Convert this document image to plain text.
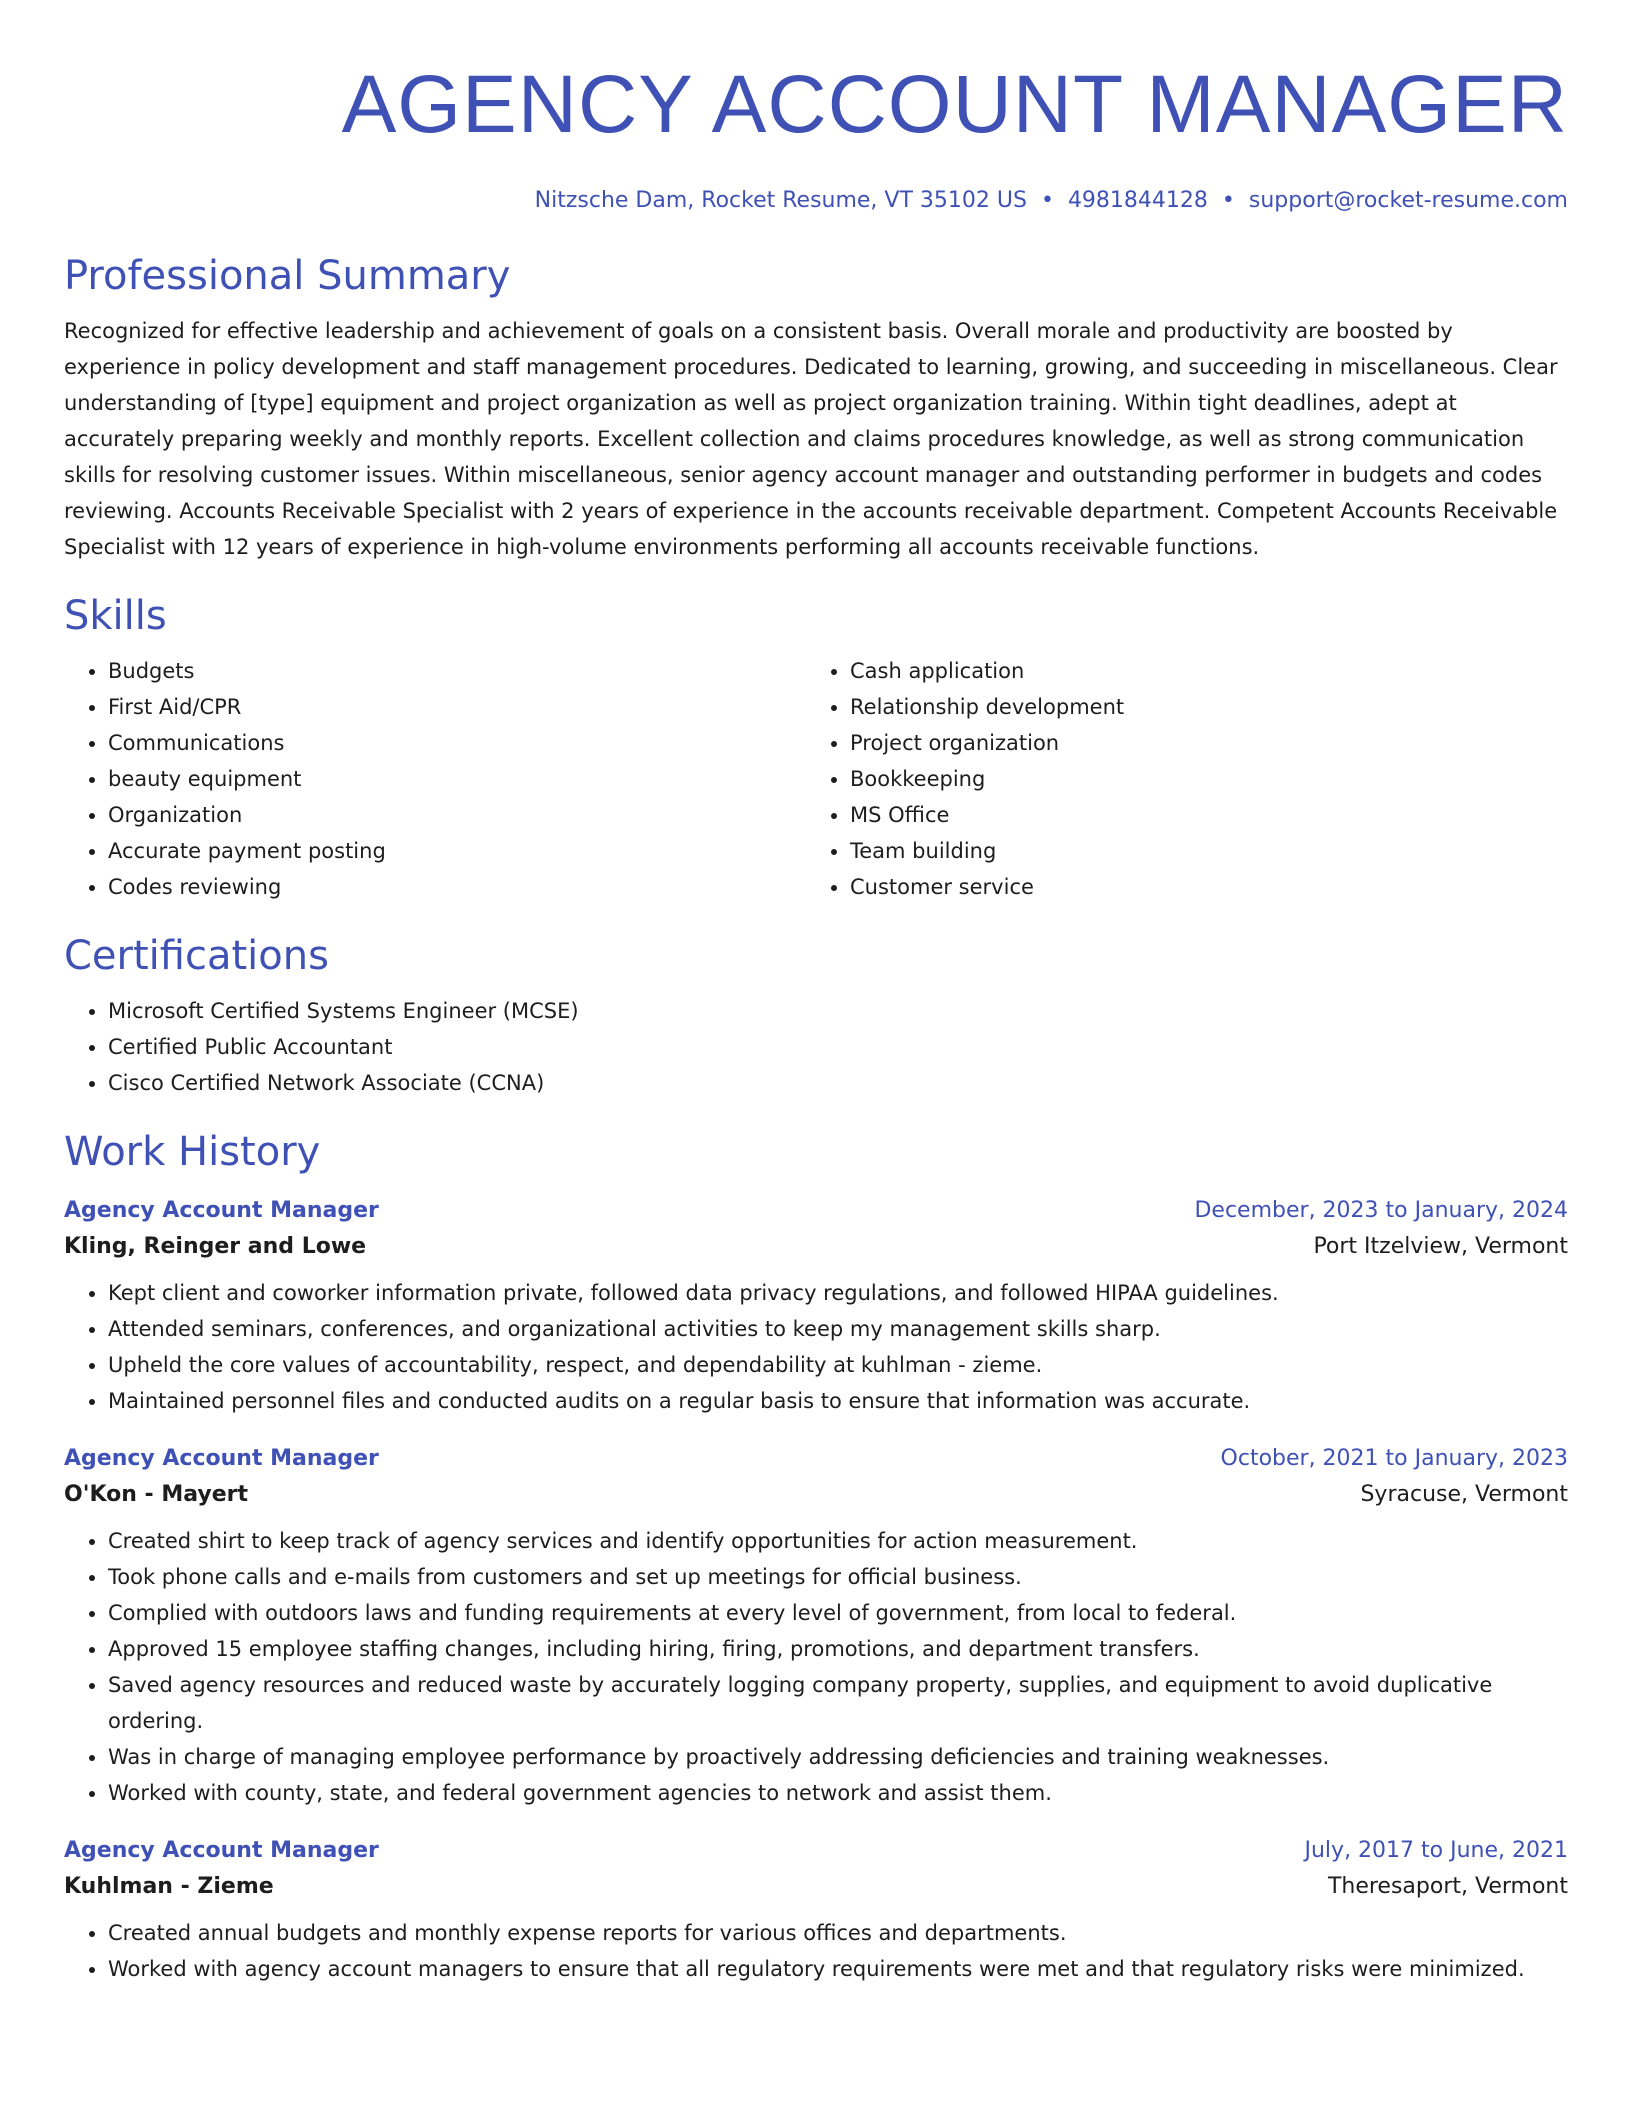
AGENCY ACCOUNT MANAGER
Nitzsche Dam, Rocket Resume, VT 35102 US • 4981844128 • support@rocket-resume.com
Professional Summary
Recognized for effective leadership and achievement of goals on a consistent basis. Overall morale and productivity are boosted by experience in policy development and staff management procedures. Dedicated to learning, growing, and succeeding in miscellaneous. Clear understanding of [type] equipment and project organization as well as project organization training. Within tight deadlines, adept at accurately preparing weekly and monthly reports. Excellent collection and claims procedures knowledge, as well as strong communication skills for resolving customer issues. Within miscellaneous, senior agency account manager and outstanding performer in budgets and codes reviewing. Accounts Receivable Specialist with 2 years of experience in the accounts receivable department. Competent Accounts Receivable Specialist with 12 years of experience in high-volume environments performing all accounts receivable functions.
Skills
• Budgets
• First Aid/CPR
• Communications
• beauty equipment
• Organization
• Accurate payment posting
• Codes reviewing
• Cash application
• Relationship development
• Project organization
• Bookkeeping
• MS Office
• Team building
• Customer service
Certifications
• Microsoft Certified Systems Engineer (MCSE)
• Certified Public Accountant
• Cisco Certified Network Associate (CCNA)
Work History
Agency Account Manager	December, 2023 to January, 2024
Kling, Reinger and Lowe	Port Itzelview, Vermont
• Kept client and coworker information private, followed data privacy regulations, and followed HIPAA guidelines.
• Attended seminars, conferences, and organizational activities to keep my management skills sharp.
• Upheld the core values of accountability, respect, and dependability at kuhlman - zieme.
• Maintained personnel files and conducted audits on a regular basis to ensure that information was accurate.
Agency Account Manager	October, 2021 to January, 2023
O'Kon - Mayert	Syracuse, Vermont
• Created shirt to keep track of agency services and identify opportunities for action measurement.
• Took phone calls and e-mails from customers and set up meetings for official business.
• Complied with outdoors laws and funding requirements at every level of government, from local to federal.
• Approved 15 employee staffing changes, including hiring, firing, promotions, and department transfers.
• Saved agency resources and reduced waste by accurately logging company property, supplies, and equipment to avoid duplicative ordering.
• Was in charge of managing employee performance by proactively addressing deficiencies and training weaknesses.
• Worked with county, state, and federal government agencies to network and assist them.
Agency Account Manager	July, 2017 to June, 2021
Kuhlman - Zieme	Theresaport, Vermont
• Created annual budgets and monthly expense reports for various offices and departments.
• Worked with agency account managers to ensure that all regulatory requirements were met and that regulatory risks were minimized.
